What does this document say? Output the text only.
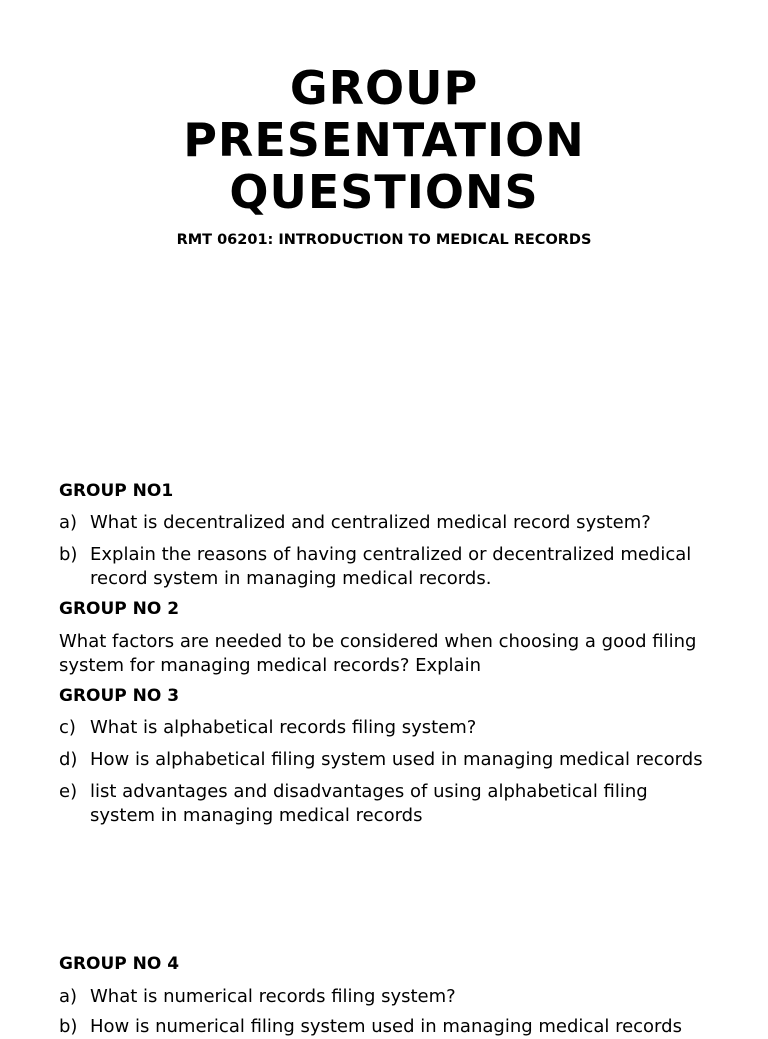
GROUP
PRESENTATION
QUESTIONS

RMT 06201: INTRODUCTION TO MEDICAL RECORDS

GROUP NO1
a) What is decentralized and centralized medical record system?
b) Explain the reasons of having centralized or decentralized medical record system in managing medical records.
GROUP NO 2
What factors are needed to be considered when choosing a good filing system for managing medical records? Explain
GROUP NO 3
c) What is alphabetical records filing system?
d) How is alphabetical filing system used in managing medical records
e) list advantages and disadvantages of using alphabetical filing system in managing medical records
GROUP NO 4
a) What is numerical records filing system?
b) How is numerical filing system used in managing medical records
